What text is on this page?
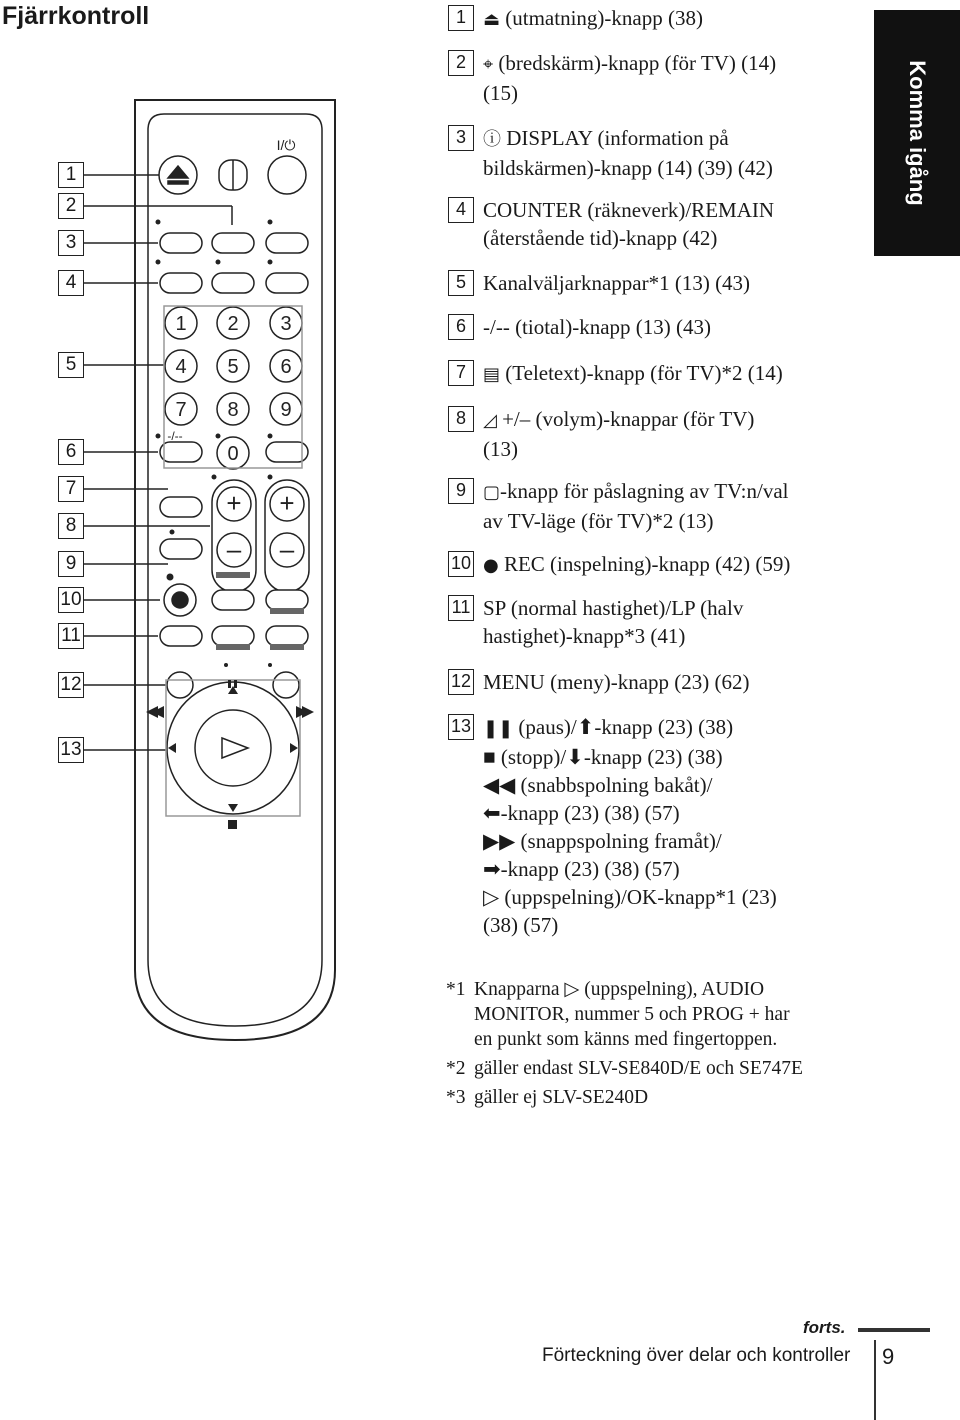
Fjärrkontroll
Komma igång
1
2
3
4
5
6
7
8
9
10
11
12
13
1 2 3
4 5 6
7 8 9
0
+
–
+
–
-/--
I/⏻
1 ⏏ (utmatning)-knapp (38)
2 ⌖ (bredskärm)-knapp (för TV) (14)
(15)
3 ⓘ DISPLAY (information på
bildskärmen)-knapp (14) (39) (42)
4 COUNTER (räkneverk)/REMAIN
(återstående tid)-knapp (42)
5 Kanalväljarknappar*1 (13) (43)
6 -/-- (tiotal)-knapp (13) (43)
7 ▤ (Teletext)-knapp (för TV)*2 (14)
8 ◿ +/– (volym)-knappar (för TV)
(13)
9 ▢-knapp för påslagning av TV:n/val
av TV-läge (för TV)*2 (13)
10 ● REC (inspelning)-knapp (42) (59)
11 SP (normal hastighet)/LP (halv
hastighet)-knapp*3 (41)
12 MENU (meny)-knapp (23) (62)
13 ❚❚ (paus)/⬆-knapp (23) (38)
■ (stopp)/⬇-knapp (23) (38)
◀◀ (snabbspolning bakåt)/
⬅-knapp (23) (38) (57)
▶▶ (snappspolning framåt)/
➡-knapp (23) (38) (57)
▷ (uppspelning)/OK-knapp*1 (23)
(38) (57)
*1 Knapparna ▷ (uppspelning), AUDIO
MONITOR, nummer 5 och PROG + har
en punkt som känns med fingertoppen.
*2 gäller endast SLV-SE840D/E och SE747E
*3 gäller ej SLV-SE240D
forts.
Förteckning över delar och kontroller 9
